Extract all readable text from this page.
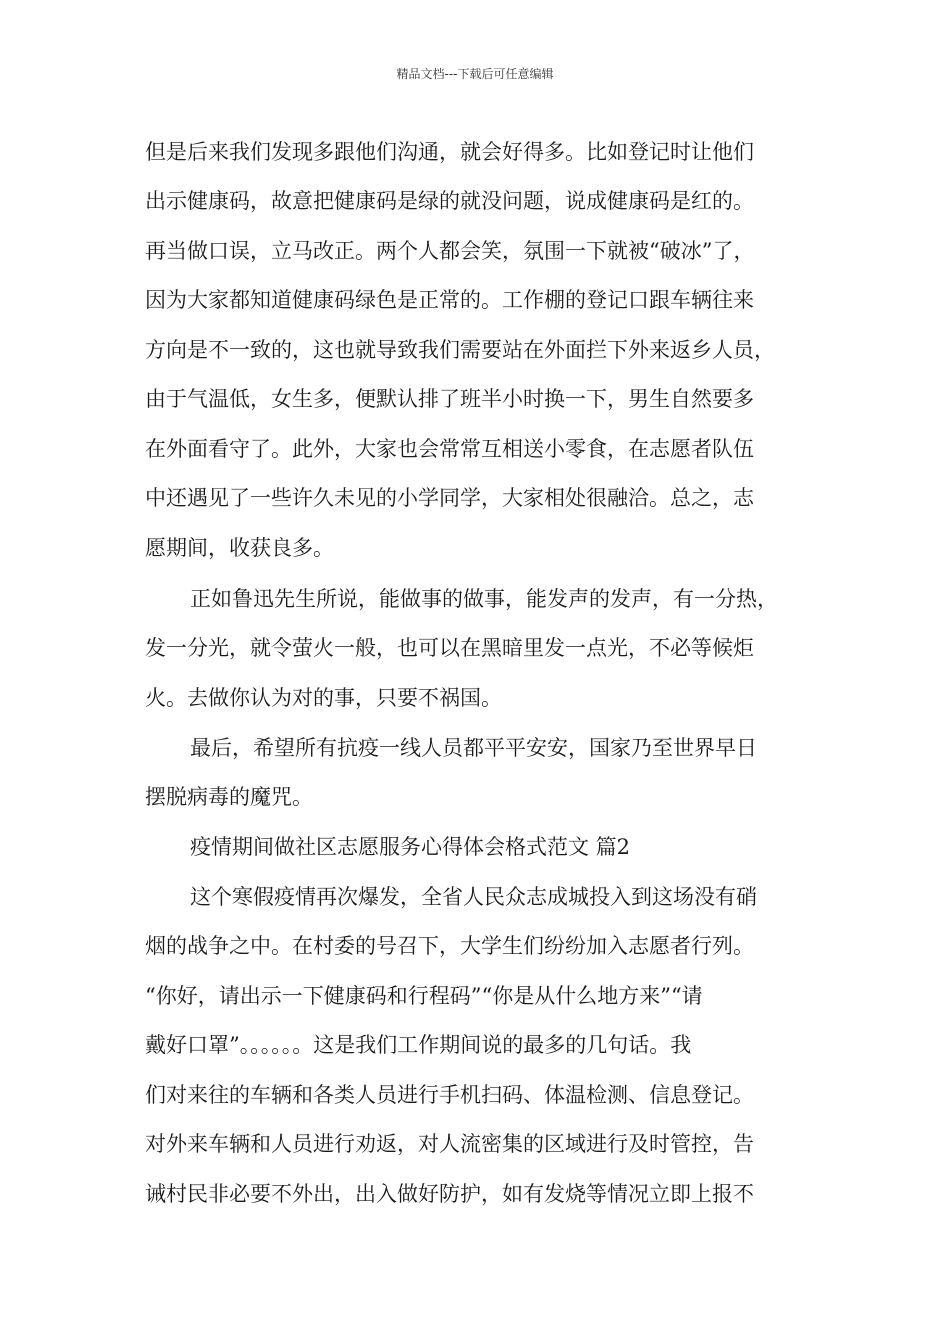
精品文档---下载后可任意编辑
但是后来我们发现多跟他们沟通，就会好得多。比如登记时让他们
出示健康码，故意把健康码是绿的就没问题，说成健康码是红的。
再当做口误，立马改正。两个人都会笑，氛围一下就被“破冰”了，
因为大家都知道健康码绿色是正常的。工作棚的登记口跟车辆往来
方向是不一致的，这也就导致我们需要站在外面拦下外来返乡人员，
由于气温低，女生多，便默认排了班半小时换一下，男生自然要多
在外面看守了。此外，大家也会常常互相送小零食，在志愿者队伍
中还遇见了一些许久未见的小学同学，大家相处很融洽。总之，志
愿期间，收获良多。
正如鲁迅先生所说，能做事的做事，能发声的发声，有一分热，
发一分光，就令萤火一般，也可以在黑暗里发一点光，不必等候炬
火。去做你认为对的事，只要不祸国。
最后，希望所有抗疫一线人员都平平安安，国家乃至世界早日
摆脱病毒的魔咒。
疫情期间做社区志愿服务心得体会格式范文 篇2
这个寒假疫情再次爆发，全省人民众志成城投入到这场没有硝
烟的战争之中。在村委的号召下，大学生们纷纷加入志愿者行列。
“你好，请出示一下健康码和行程码”“你是从什么地方来”“请
戴好口罩”。。。。。。这是我们工作期间说的最多的几句话。我
们对来往的车辆和各类人员进行手机扫码、体温检测、信息登记。
对外来车辆和人员进行劝返，对人流密集的区域进行及时管控，告
诫村民非必要不外出，出入做好防护，如有发烧等情况立即上报不
